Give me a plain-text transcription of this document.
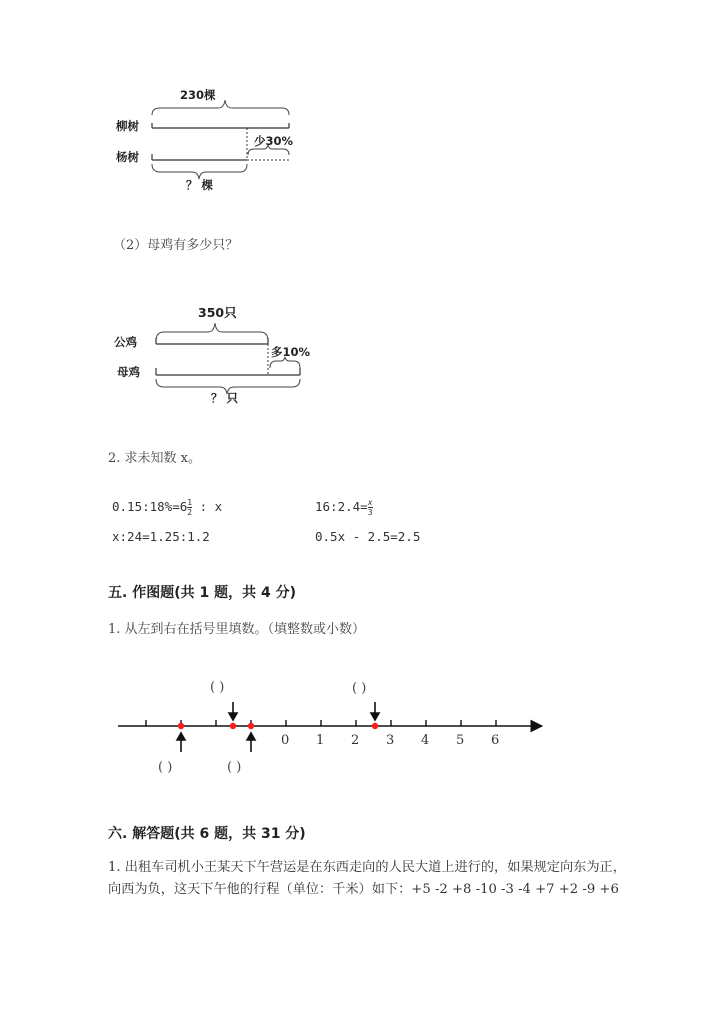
230棵
柳树
杨树
少30%
？ 棵
（2）母鸡有多少只？
350只
公鸡
母鸡
多10%
？ 只
2. 求未知数 x。
0.15:18%=6 $\frac{1}{2}$ : x	16:2.4= $\frac{x}{3}$
x:24=1.25:1.2	0.5x - 2.5=2.5
五. 作图题(共 1 题，共 4 分)
1. 从左到右在括号里填数。（填整数或小数）
0 1 2 3 4 5 6
( )	( )
( )	( )
六. 解答题(共 6 题，共 31 分)
1. 出租车司机小王某天下午营运是在东西走向的人民大道上进行的，如果规定向东为正，向西为负，这天下午他的行程（单位：千米）如下：+5 -2 +8 -10 -3 -4 +7 +2 -9 +6
